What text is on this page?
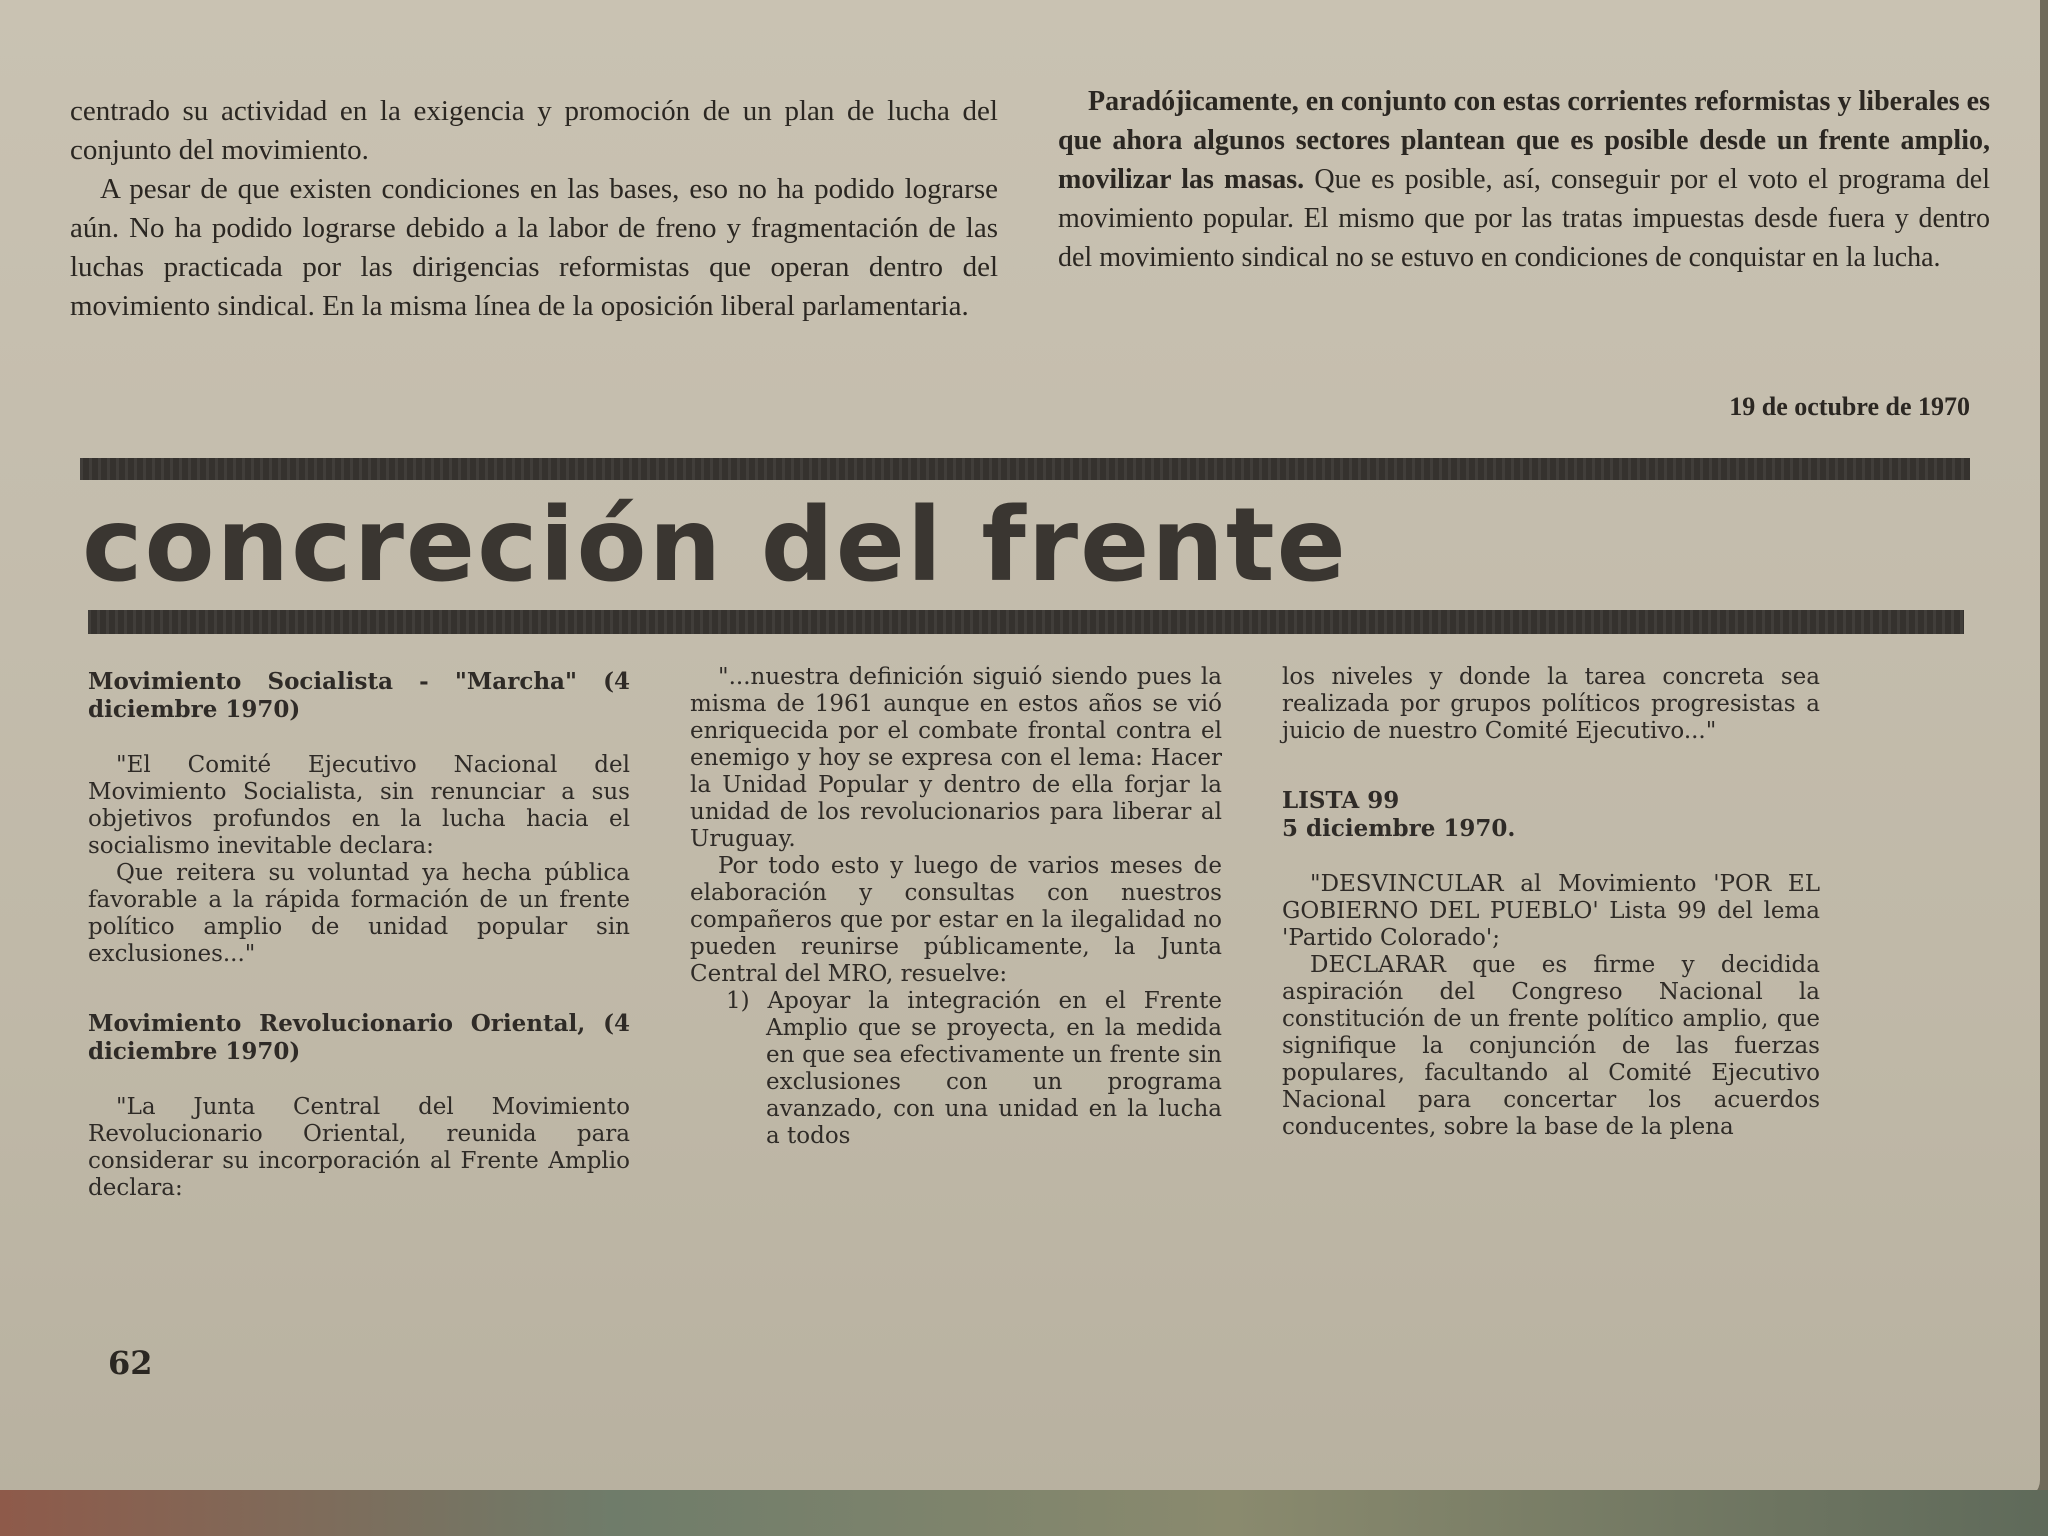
centrado su actividad en la exigencia y promoción de un plan de lucha del conjunto del movimiento.

A pesar de que existen condiciones en las bases, eso no ha podido lograrse aún. No ha podido lograrse debido a la labor de freno y fragmentación de las luchas practicada por las dirigencias reformistas que operan dentro del movimiento sindical. En la misma línea de la oposición liberal parlamentaria.

Paradójicamente, en conjunto con estas corrientes reformistas y liberales es que ahora algunos sectores plantean que es posible desde un frente amplio, movilizar las masas. Que es posible, así, conseguir por el voto el programa del movimiento popular. El mismo que por las tratas impuestas desde fuera y dentro del movimiento sindical no se estuvo en condiciones de conquistar en la lucha.

19 de octubre de 1970
concreción del frente

Movimiento Socialista - "Marcha" (4 diciembre 1970)

"El Comité Ejecutivo Nacional del Movimiento Socialista, sin renunciar a sus objetivos profundos en la lucha hacia el socialismo inevitable declara:

Que reitera su voluntad ya hecha pública favorable a la rápida formación de un frente político amplio de unidad popular sin exclusiones..."

Movimiento Revolucionario Oriental, (4 diciembre 1970)

"La Junta Central del Movimiento Revolucionario Oriental, reunida para considerar su incorporación al Frente Amplio declara:

"...nuestra definición siguió siendo pues la misma de 1961 aunque en estos años se vió enriquecida por el combate frontal contra el enemigo y hoy se expresa con el lema: Hacer la Unidad Popular y dentro de ella forjar la unidad de los revolucionarios para liberar al Uruguay.

Por todo esto y luego de varios meses de elaboración y consultas con nuestros compañeros que por estar en la ilegalidad no pueden reunirse públicamente, la Junta Central del MRO, resuelve:

1) Apoyar la integración en el Frente Amplio que se proyecta, en la medida en que sea efectivamente un frente sin exclusiones con un programa avanzado, con una unidad en la lucha a todos

los niveles y donde la tarea concreta sea realizada por grupos políticos progresistas a juicio de nuestro Comité Ejecutivo..."

LISTA 99

5 diciembre 1970.

"DESVINCULAR al Movimiento 'POR EL GOBIERNO DEL PUEBLO' Lista 99 del lema 'Partido Colorado';

DECLARAR que es firme y decidida aspiración del Congreso Nacional la constitución de un frente político amplio, que signifique la conjunción de las fuerzas populares, facultando al Comité Ejecutivo Nacional para concertar los acuerdos conducentes, sobre la base de la plena

62
